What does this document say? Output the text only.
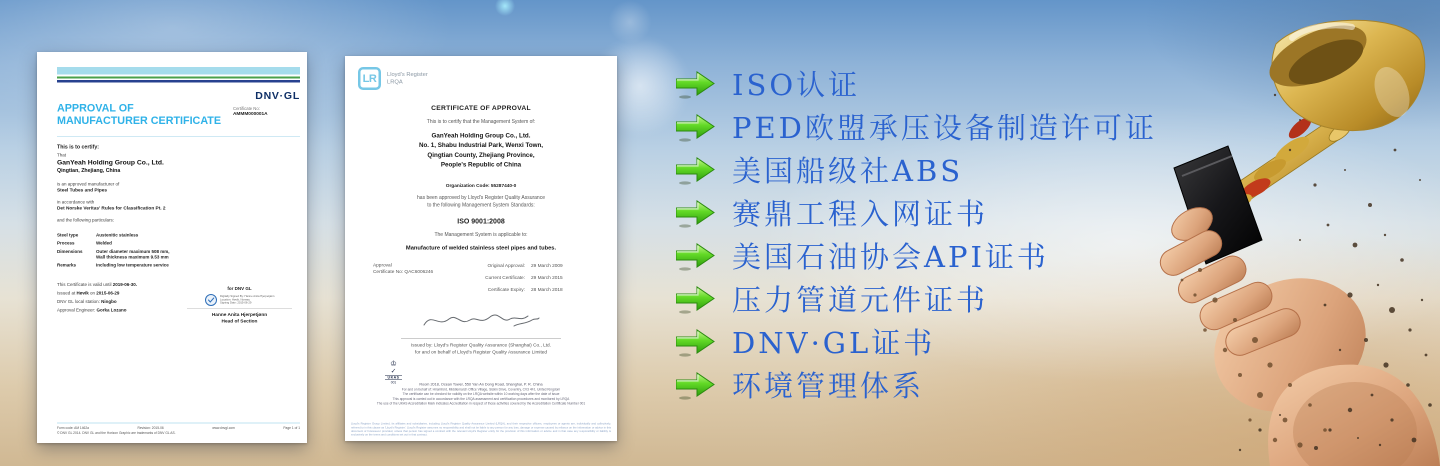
DNV·GL
Certificate No:
AMMM000001A
APPROVAL OF MANUFACTURER CERTIFICATE
This is to certify:
That
GanYeah Holding Group Co., Ltd.
Qingtian, Zhejiang, China
is an approved manufacturer of
Steel Tubes and Pipes
in accordance with
Det Norske Veritas' Rules for Classification Pt. 2
and the following particulars:
Steel type	Austenitic stainless
Process	Welded
Dimensions	Outer diameter maximum 508 mm, Wall thickness maximum 9.53 mm
Remarks	Including low temperature service
This Certificate is valid until 2019-06-30.
Issued at Høvik on 2015-06-29
DNV GL local station: Ningbo
Approval Engineer: Gorka Lozano
for DNV GL
Digitally Signed By: Hanne Anita Hjerpetjønn
Location: Høvik, Norway
Signing Date: 2015-06-29
Hanne Anita Hjerpetjønn
Head of Section
Form code: AM 1462a	Revision: 2015-06	www.dnvgl.com	Page 1 of 1
© DNV GL 2014. DNV GL and the Horizon Graphic are trademarks of DNV GL AS.
LR Lloyd's Register
LRQA
CERTIFICATE OF APPROVAL
This is to certify that the Management System of:
GanYeah Holding Group Co., Ltd.
No. 1, Shabu Industrial Park, Wenxi Town,
Qingtian County, Zhejiang Province,
People's Republic of China
Organization Code: 55287440-0
has been approved by Lloyd's Register Quality Assurance
to the following Management System Standards:
ISO 9001:2008
The Management System is applicable to:
Manufacture of welded stainless steel pipes and tubes.
Approval
Certificate No: QAC6006246
Original Approval: 29 March 2009
Current Certificate: 29 March 2015
Certificate Expiry: 28 March 2018
Issued by: Lloyd's Register Quality Assurance (Shanghai) Co., Ltd.
for and on behalf of Lloyd's Register Quality Assurance Limited
♔
✓
UKAS
001	Room 2018, Ocean Tower, 550 Yan An Dong Road, Shanghai, P. R. China
For and on behalf of: Hiramford, Middlemarch Office Village, Siskin Drive, Coventry, CV3 4FJ, United Kingdom
The certificate can be checked for validity on the LRQA website within 10 working days after the date of issue
This approval is carried out in accordance with the LRQA assessment and certification procedures and monitored by LRQA
The use of the UKAS Accreditation Mark indicates Accreditation in respect of those activities covered by the Accreditation Certificate Number 001
Lloyd's Register Group Limited, its affiliates and subsidiaries, including Lloyd's Register Quality Assurance Limited (LRQA), and their respective officers, employees or agents are, individually and collectively, referred to in this clause as 'Lloyd's Register'. Lloyd's Register assumes no responsibility and shall not be liable to any person for any loss, damage or expense caused by reliance on the information or advice in this document or howsoever provided, unless that person has signed a contract with the relevant Lloyd's Register entity for the provision of this information or advice and in that case any responsibility or liability is exclusively on the terms and conditions set out in that contract.
ISO认证
PED欧盟承压设备制造许可证
美国船级社ABS
赛鼎工程入网证书
美国石油协会API证书
压力管道元件证书
DNV·GL证书
环境管理体系
